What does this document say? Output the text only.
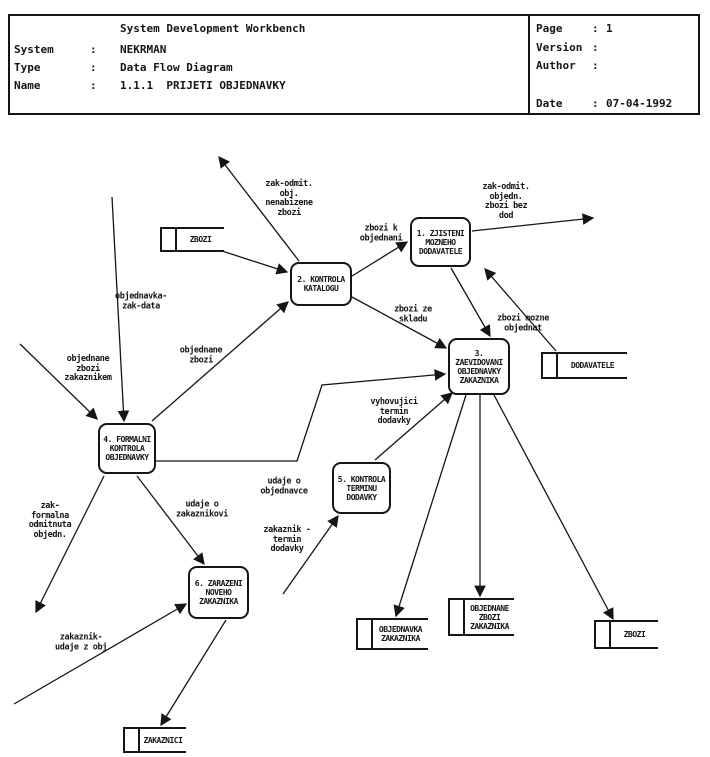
1. ZJISTENI
MOZNEHO
DODAVATELE
2. KONTROLA
KATALOGU
3.
ZAEVIDOVANI
OBJEDNAVKY
ZAKAZNIKA
4. FORMALNI
KONTROLA
OBJEDNAVKY
5. KONTROLA
TERMINU
DODAVKY
6. ZARAZENI
NOVEHO
ZAKAZNIKA
ZBOZI
DODAVATELE
OBJEDNAVKA
ZAKAZNIKA
OBJEDNANE
ZBOZI
ZAKAZNIKA
ZBOZI
ZAKAZNICI
zak-odmit.
obj.
nenabizene
zbozi
zbozi k
objednani
zak-odmit.
objedn.
zbozi bez
dod
zbozi mozne
objednat
zbozi ze
skladu
objednane
zbozi
objednavka-
zak-data
objednane
zbozi
zakaznikem
zak-
formalna
odmitnuta
objedn.
udaje o
zakaznikovi
udaje o
objednavce
vyhovujici
termin
dodavky
zakaznik -
termin
dodavky
zakaznik-
udaje z obj
System Development Workbench
System	: NEKRMAN
Type	: Data Flow Diagram
Name	: 1.1.1  PRIJETI OBJEDNAVKY
Page	: 1
Version :
Author :
Date	: 07-04-1992
